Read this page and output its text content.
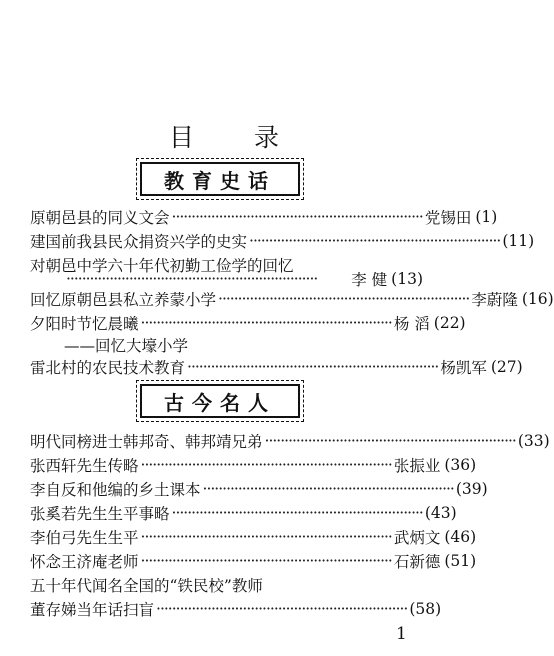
目 录
教育史话
原朝邑县的同义文会 ································································ 党锡田 (1)
建国前我县民众捐资兴学的史实 ································································ (11)
对朝邑中学六十年代初勤工俭学的回忆
································································	李 健 (13)
回忆原朝邑县私立养蒙小学 ································································ 李蔚隆 (16)
夕阳时节忆晨曦 ································································ 杨 滔 (22)
——回忆大壕小学
雷北村的农民技术教育 ································································ 杨凯军 (27)
古今名人
明代同榜进士韩邦奇、韩邦靖兄弟 ································································ (33)
张西轩先生传略 ································································ 张振业 (36)
李自反和他编的乡土课本 ································································ (39)
张奚若先生生平事略 ································································ (43)
李伯弓先生生平 ································································ 武炳文 (46)
怀念王济庵老师 ································································ 石新德 (51)
五十年代闻名全国的“铁民校”教师
董存娣当年话扫盲 ································································ (58)
1
